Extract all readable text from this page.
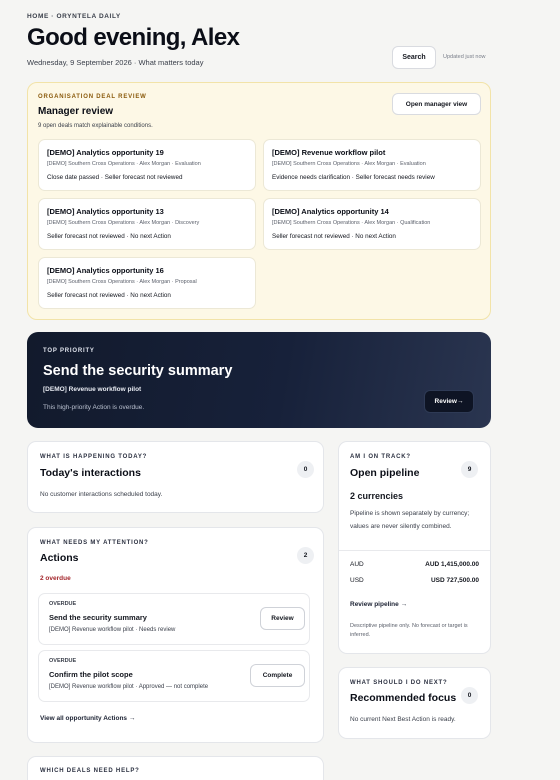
HOME · ORYNTELA DAILY
Good evening, Alex
Wednesday, 9 September 2026 · What matters today
Search	Updated just now
ORGANISATION DEAL REVIEW
Manager review
9 open deals match explainable conditions.
Open manager view
[DEMO] Analytics opportunity 19
[DEMO] Southern Cross Operations · Alex Morgan · Evaluation
Close date passed · Seller forecast not reviewed
[DEMO] Revenue workflow pilot
[DEMO] Southern Cross Operations · Alex Morgan · Evaluation
Evidence needs clarification · Seller forecast needs review
[DEMO] Analytics opportunity 13
[DEMO] Southern Cross Operations · Alex Morgan · Discovery
Seller forecast not reviewed · No next Action
[DEMO] Analytics opportunity 14
[DEMO] Southern Cross Operations · Alex Morgan · Qualification
Seller forecast not reviewed · No next Action
[DEMO] Analytics opportunity 16
[DEMO] Southern Cross Operations · Alex Morgan · Proposal
Seller forecast not reviewed · No next Action
TOP PRIORITY
Send the security summary
[DEMO] Revenue workflow pilot
This high-priority Action is overdue.
Review→
WHAT IS HAPPENING TODAY?
Today's interactions	0
No customer interactions scheduled today.
WHAT NEEDS MY ATTENTION?
Actions	2
2 overdue
OVERDUE
Send the security summary
[DEMO] Revenue workflow pilot · Needs review
Review
OVERDUE
Confirm the pilot scope
[DEMO] Revenue workflow pilot · Approved — not complete
Complete
View all opportunity Actions →
AM I ON TRACK?
Open pipeline	9
2 currencies
Pipeline is shown separately by currency; values are never silently combined.
AUD	AUD 1,415,000.00
USD	USD 727,500.00
Review pipeline →
Descriptive pipeline only. No forecast or target is inferred.
WHAT SHOULD I DO NEXT?
Recommended focus	0
No current Next Best Action is ready.
WHICH DEALS NEED HELP?
